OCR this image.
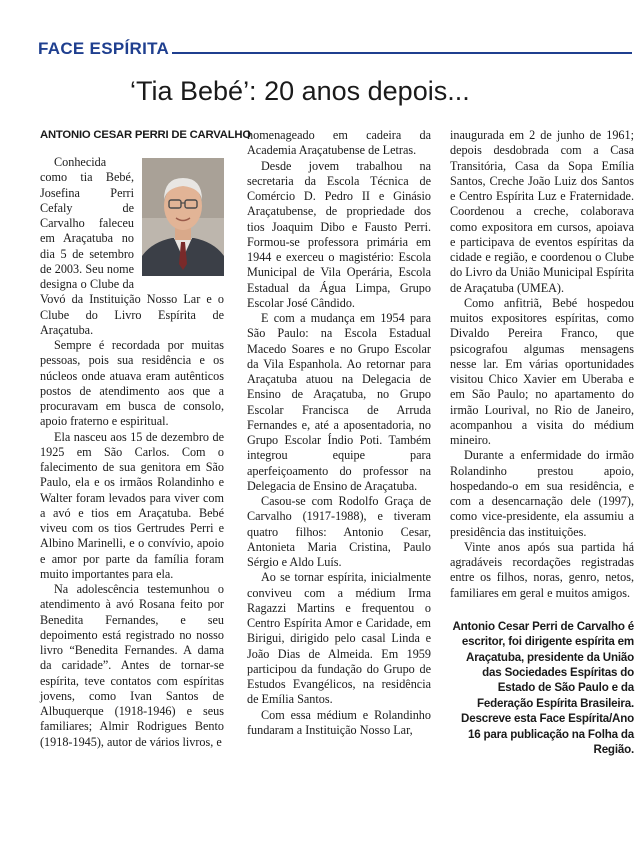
FACE ESPÍRITA
‘Tia Bebé’: 20 anos depois...
ANTONIO CESAR PERRI DE CARVALHO

Conhecida como tia Bebé, Josefina Perri Cefaly de Carvalho faleceu em Araçatuba no dia 5 de setembro de 2003. Seu nome designa o Clube da Vovó da Instituição Nosso Lar e o Clube do Livro Espírita de Araçatuba.

Sempre é recordada por muitas pessoas, pois sua residência e os núcleos onde atuava eram autênticos postos de atendimento aos que a procuravam em busca de consolo, apoio fraterno e espiritual.

Ela nasceu aos 15 de dezembro de 1925 em São Carlos. Com o falecimento de sua genitora em São Paulo, ela e os irmãos Rolandinho e Walter foram levados para viver com a avó e tios em Araçatuba. Bebé viveu com os tios Gertrudes Perri e Albino Marinelli, e o convívio, apoio e amor por parte da família foram muito importantes para ela.

Na adolescência testemunhou o atendimento à avó Rosana feito por Benedita Fernandes, e seu depoimento está registrado no nosso livro “Benedita Fernandes. A dama da caridade”. Antes de tornar-se espírita, teve contatos com espíritas jovens, como Ivan Santos de Albuquerque (1918-1946) e seus familiares; Almir Rodrigues Bento (1918-1945), autor de vários livros, e

homenageado em cadeira da Academia Araçatubense de Letras.

Desde jovem trabalhou na secretaria da Escola Técnica de Comércio D. Pedro II e Ginásio Araçatubense, de propriedade dos tios Joaquim Dibo e Fausto Perri. Formou-se professora primária em 1944 e exerceu o magistério: Escola Municipal de Vila Operária, Escola Estadual da Água Limpa, Grupo Escolar José Cândido.

E com a mudança em 1954 para São Paulo: na Escola Estadual Macedo Soares e no Grupo Escolar da Vila Espanhola. Ao retornar para Araçatuba atuou na Delegacia de Ensino de Araçatuba, no Grupo Escolar Francisca de Arruda Fernandes e, até a aposentadoria, no Grupo Escolar Índio Poti. Também integrou equipe para aperfeiçoamento do professor na Delegacia de Ensino de Araçatuba.

Casou-se com Rodolfo Graça de Carvalho (1917-1988), e tiveram quatro filhos: Antonio Cesar, Antonieta Maria Cristina, Paulo Sérgio e Aldo Luís.

Ao se tornar espírita, inicialmente conviveu com a médium Irma Ragazzi Martins e frequentou o Centro Espírita Amor e Caridade, em Birigui, dirigido pelo casal Linda e João Dias de Almeida. Em 1959 participou da fundação do Grupo de Estudos Evangélicos, na residência de Emília Santos.

Com essa médium e Rolandinho fundaram a Instituição Nosso Lar,

inaugurada em 2 de junho de 1961; depois desdobrada com a Casa Transitória, Casa da Sopa Emília Santos, Creche João Luiz dos Santos e Centro Espírita Luz e Fraternidade. Coordenou a creche, colaborava como expositora em cursos, apoiava e participava de eventos espíritas da cidade e região, e coordenou o Clube do Livro da União Municipal Espírita de Araçatuba (UMEA).

Como anfitriã, Bebé hospedou muitos expositores espíritas, como Divaldo Pereira Franco, que psicografou algumas mensagens nesse lar. Em várias oportunidades visitou Chico Xavier em Uberaba e em São Paulo; no apartamento do irmão Lourival, no Rio de Janeiro, acompanhou a visita do médium mineiro.

Durante a enfermidade do irmão Rolandinho prestou apoio, hospedando-o em sua residência, e com a desencarnação dele (1997), como vice-presidente, ela assumiu a presidência das instituições.

Vinte anos após sua partida há agradáveis recordações registradas entre os filhos, noras, genro, netos, familiares em geral e muitos amigos.

Antonio Cesar Perri de Carvalho é escritor, foi dirigente espírita em Araçatuba, presidente da União das Sociedades Espíritas do Estado de São Paulo e da Federação Espírita Brasileira. Descreve esta Face Espírita/Ano 16 para publicação na Folha da Região.
